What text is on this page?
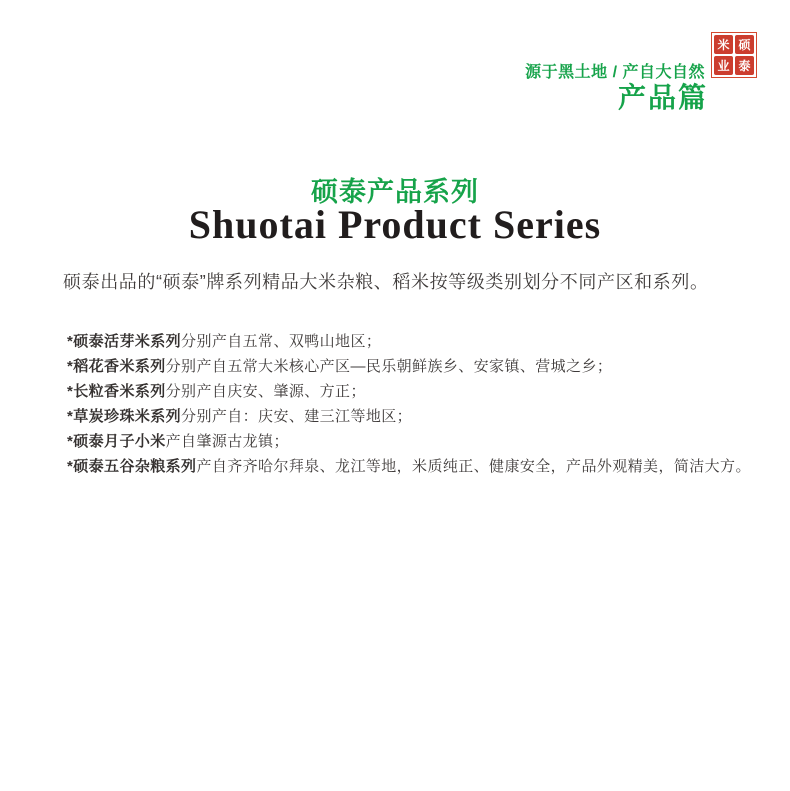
米 硕
业 泰
源于黑土地 / 产自大自然
产品篇
硕泰产品系列
Shuotai Product Series

硕泰出品的“硕泰”牌系列精品大米杂粮、稻米按等级类别划分不同产区和系列。

*硕泰活芽米系列分别产自五常、双鸭山地区；
*稻花香米系列分别产自五常大米核心产区—民乐朝鲜族乡、安家镇、营城之乡；
*长粒香米系列分别产自庆安、肇源、方正；
*草炭珍珠米系列分别产自：庆安、建三江等地区；
*硕泰月子小米产自肇源古龙镇；
*硕泰五谷杂粮系列产自齐齐哈尔拜泉、龙江等地，米质纯正、健康安全，产品外观精美，简洁大方。
